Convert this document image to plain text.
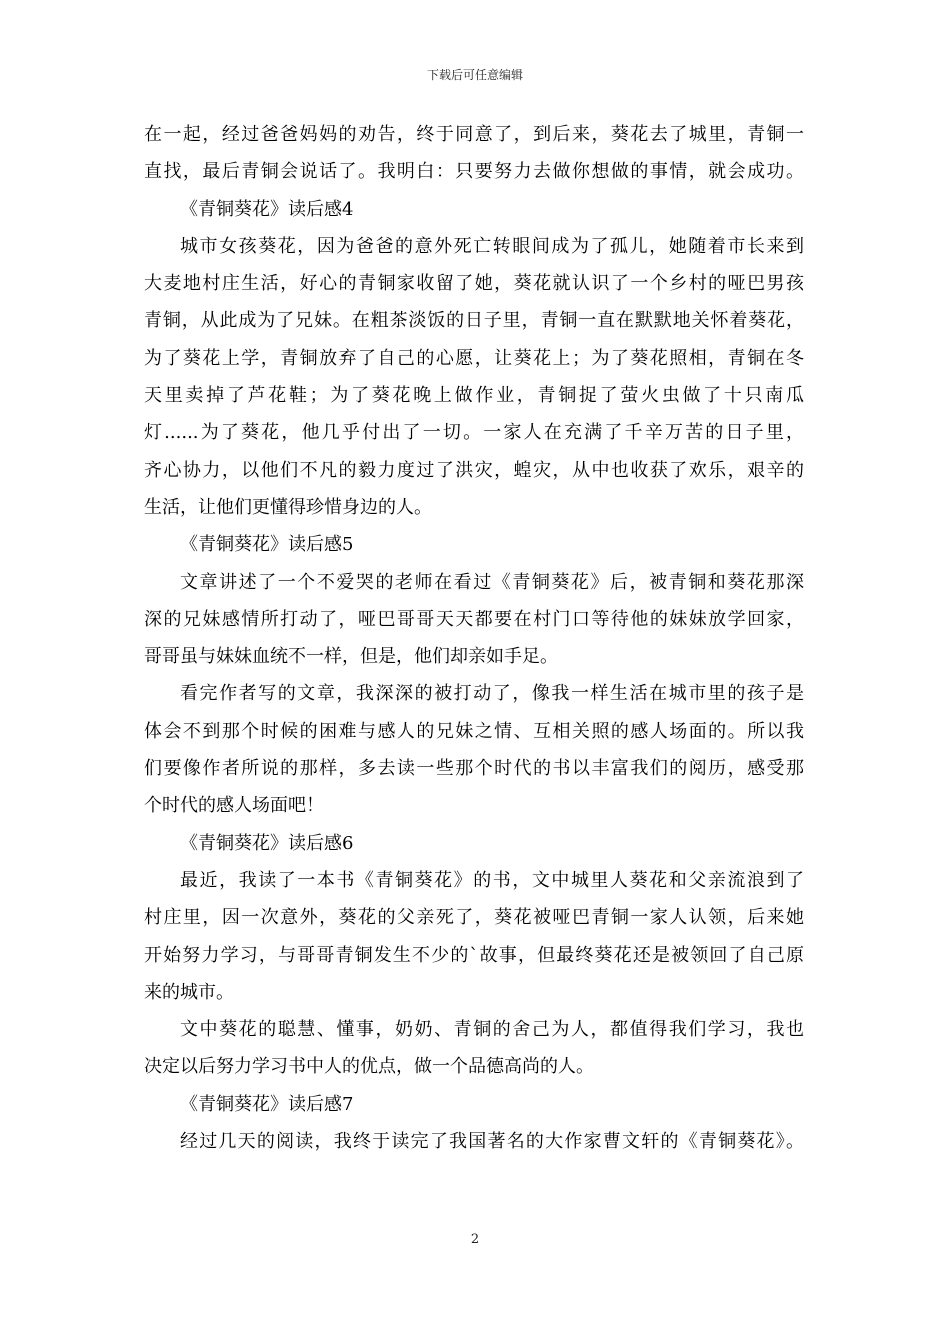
下载后可任意编辑
在一起，经过爸爸妈妈的劝告，终于同意了，到后来，葵花去了城里，青铜一
直找，最后青铜会说话了。我明白：只要努力去做你想做的事情，就会成功。
《青铜葵花》读后感4
城市女孩葵花，因为爸爸的意外死亡转眼间成为了孤儿，她随着市长来到
大麦地村庄生活，好心的青铜家收留了她，葵花就认识了一个乡村的哑巴男孩
青铜，从此成为了兄妹。在粗茶淡饭的日子里，青铜一直在默默地关怀着葵花，
为了葵花上学，青铜放弃了自己的心愿，让葵花上；为了葵花照相，青铜在冬
天里卖掉了芦花鞋；为了葵花晚上做作业，青铜捉了萤火虫做了十只南瓜
灯......为了葵花，他几乎付出了一切。一家人在充满了千辛万苦的日子里，
齐心协力，以他们不凡的毅力度过了洪灾，蝗灾，从中也收获了欢乐，艰辛的
生活，让他们更懂得珍惜身边的人。
《青铜葵花》读后感5
文章讲述了一个不爱哭的老师在看过《青铜葵花》后，被青铜和葵花那深
深的兄妹感情所打动了，哑巴哥哥天天都要在村门口等待他的妹妹放学回家，
哥哥虽与妹妹血统不一样，但是，他们却亲如手足。
看完作者写的文章，我深深的被打动了，像我一样生活在城市里的孩子是
体会不到那个时候的困难与感人的兄妹之情、互相关照的感人场面的。所以我
们要像作者所说的那样，多去读一些那个时代的书以丰富我们的阅历，感受那
个时代的感人场面吧！
《青铜葵花》读后感6
最近，我读了一本书《青铜葵花》的书，文中城里人葵花和父亲流浪到了
村庄里，因一次意外，葵花的父亲死了，葵花被哑巴青铜一家人认领，后来她
开始努力学习，与哥哥青铜发生不少的`故事，但最终葵花还是被领回了自己原
来的城市。
文中葵花的聪慧、懂事，奶奶、青铜的舍己为人，都值得我们学习，我也
决定以后努力学习书中人的优点，做一个品德高尚的人。
《青铜葵花》读后感7
经过几天的阅读，我终于读完了我国著名的大作家曹文轩的《青铜葵花》。
2
